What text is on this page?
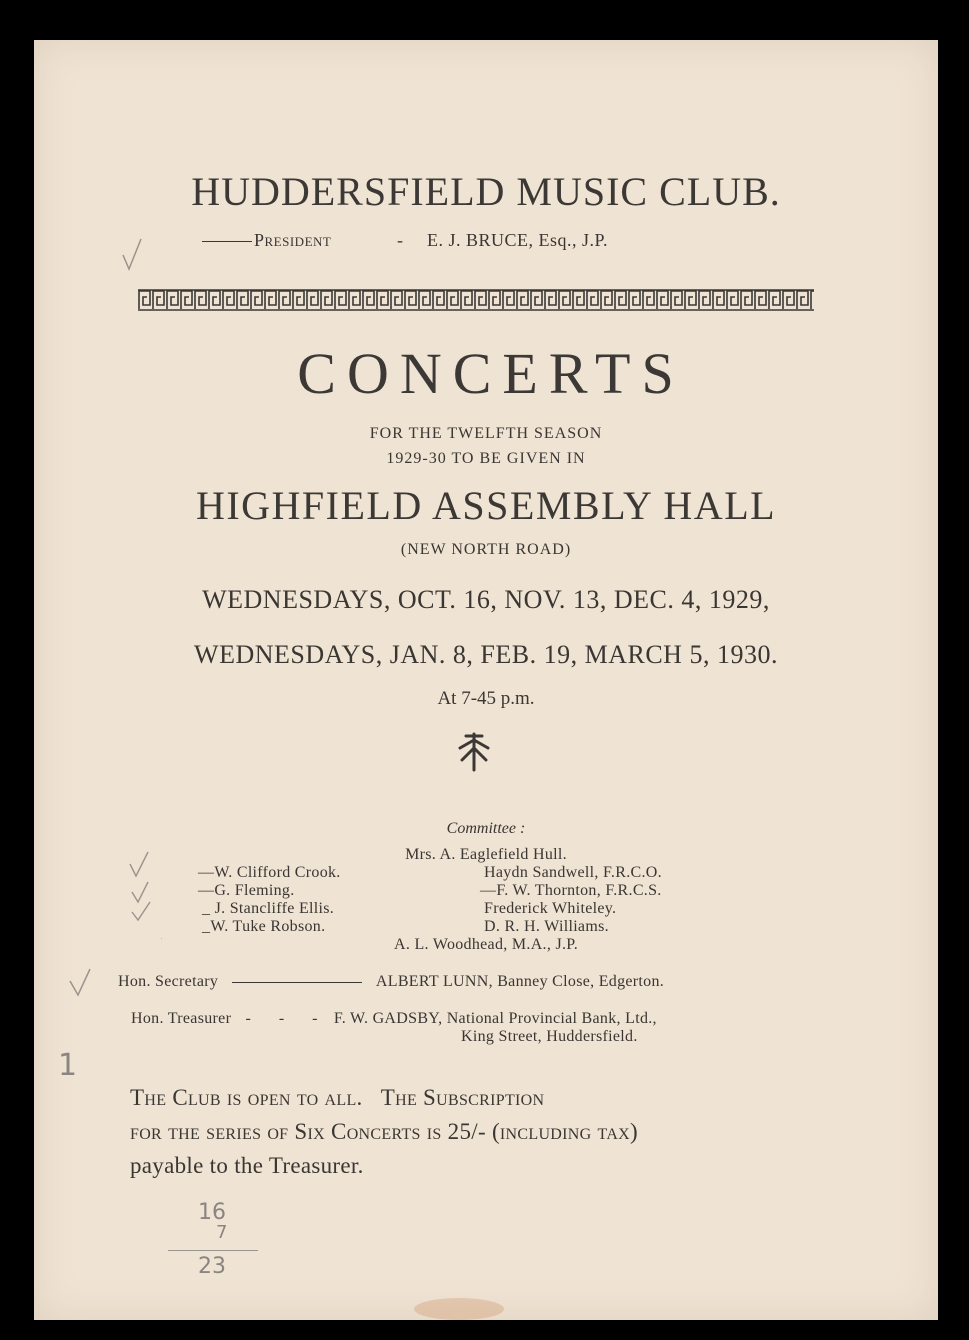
HUDDERSFIELD MUSIC CLUB.
President	- E. J. BRUCE, Esq., J.P.
CONCERTS
FOR THE TWELFTH SEASON
1929-30 TO BE GIVEN IN
HIGHFIELD ASSEMBLY HALL
(NEW NORTH ROAD)
WEDNESDAYS, OCT. 16, NOV. 13, DEC. 4, 1929,
WEDNESDAYS, JAN. 8, FEB. 19, MARCH 5, 1930.
At 7-45 p.m.
Committee :
Mrs. A. Eaglefield Hull.
—W. Clifford Crook.
—G. Fleming.
_ J. Stancliffe Ellis.
_W. Tuke Robson.
Haydn Sandwell, F.R.C.O.
—F. W. Thornton, F.R.C.S.
Frederick Whiteley.
D. R. H. Williams.
A. L. Woodhead, M.A., J.P.
Hon. Secretary	ALBERT LUNN, Banney Close, Edgerton.
Hon. Treasurer - - - F. W. GADSBY, National Provincial Bank, Ltd.,
King Street, Huddersfield.
The Club is open to all. The Subscription
for the series of Six Concerts is 25/- (including tax)
payable to the Treasurer.
1
16
7
23
